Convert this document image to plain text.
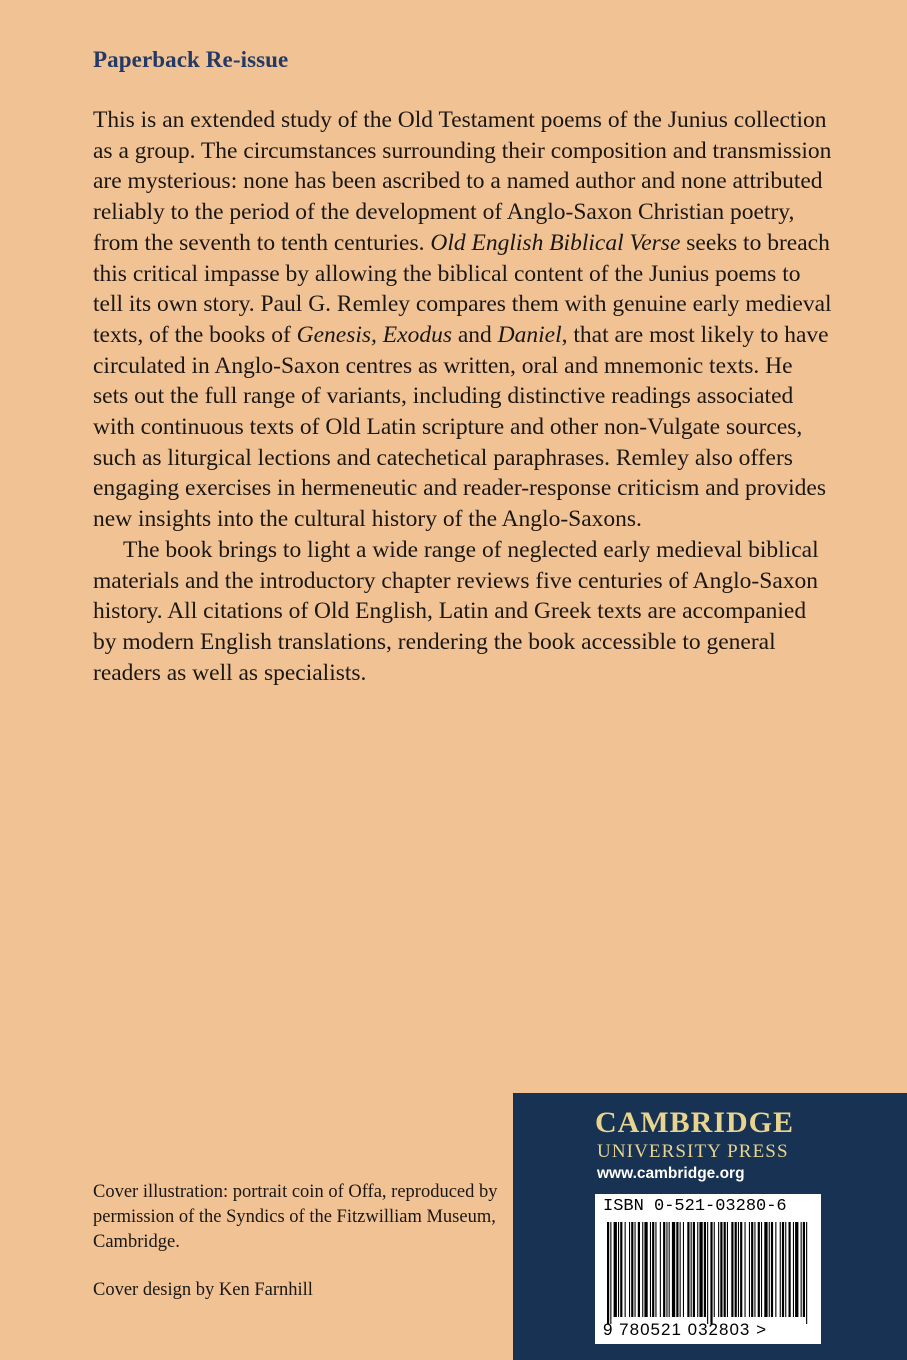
Paperback Re-issue

This is an extended study of the Old Testament poems of the Junius collection as a group. The circumstances surrounding their composition and transmission are mysterious: none has been ascribed to a named author and none attributed reliably to the period of the development of Anglo-Saxon Christian poetry, from the seventh to tenth centuries. Old English Biblical Verse seeks to breach this critical impasse by allowing the biblical content of the Junius poems to tell its own story. Paul G. Remley compares them with genuine early medieval texts, of the books of Genesis, Exodus and Daniel, that are most likely to have circulated in Anglo-Saxon centres as written, oral and mnemonic texts. He sets out the full range of variants, including distinctive readings associated with continuous texts of Old Latin scripture and other non-Vulgate sources, such as liturgical lections and catechetical paraphrases. Remley also offers engaging exercises in hermeneutic and reader-response criticism and provides new insights into the cultural history of the Anglo-Saxons.

The book brings to light a wide range of neglected early medieval biblical materials and the introductory chapter reviews five centuries of Anglo-Saxon history. All citations of Old English, Latin and Greek texts are accompanied by modern English translations, rendering the book accessible to general readers as well as specialists.

Cover illustration: portrait coin of Offa, reproduced by permission of the Syndics of the Fitzwilliam Museum, Cambridge.

Cover design by Ken Farnhill

CAMBRIDGE
UNIVERSITY PRESS
www.cambridge.org
ISBN 0-521-03280-6
9 780521 032803 >
